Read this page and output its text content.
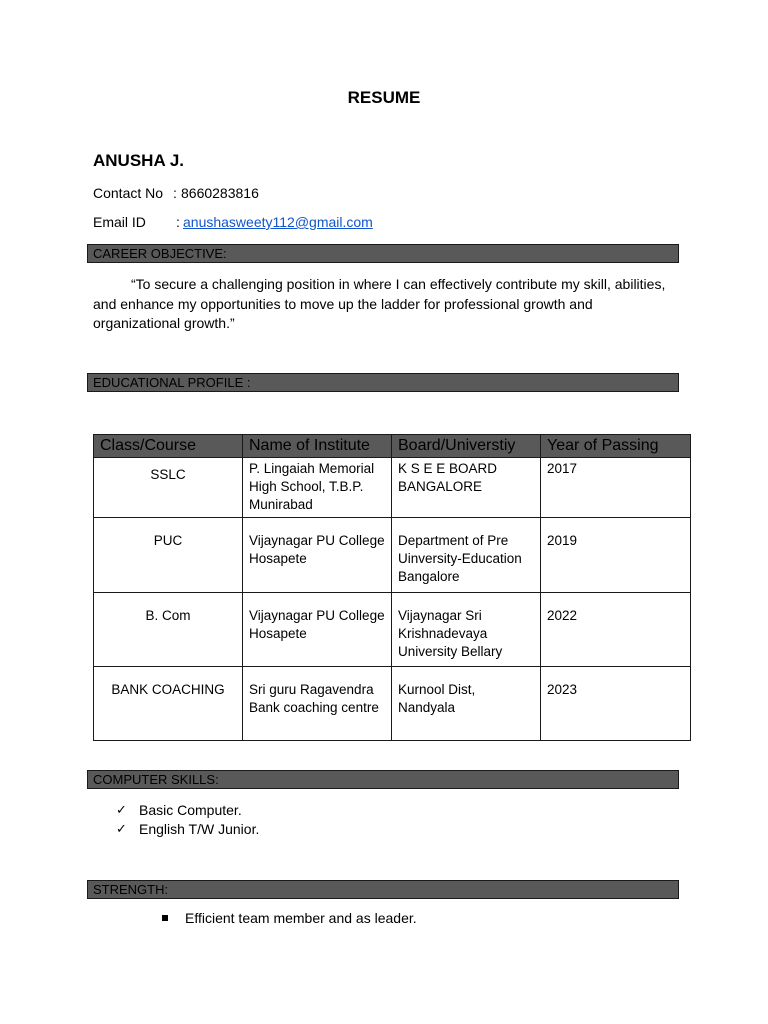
RESUME
ANUSHA J.
Contact No : 8660283816
Email ID : anushasweety112@gmail.com
CAREER OBJECTIVE:
“To secure a challenging position in where I can effectively contribute my skill, abilities, and enhance my opportunities to move up the ladder for professional growth and organizational growth.”
EDUCATIONAL PROFILE :
Class/Course	Name of Institute	Board/Universtiy	Year of Passing
SSLC	P. Lingaiah Memorial High School, T.B.P. Munirabad	K S E E BOARD BANGALORE	2017
PUC	Vijaynagar PU College Hosapete	Department of Pre Uinversity-Education Bangalore	2019
B. Com	Vijaynagar PU College Hosapete	Vijaynagar Sri Krishnadevaya University Bellary	2022
BANK COACHING	Sri guru Ragavendra Bank coaching centre	Kurnool Dist, Nandyala	2023
COMPUTER SKILLS:
✓ Basic Computer.
✓ English T/W Junior.
STRENGTH:
Efficient team member and as leader.
